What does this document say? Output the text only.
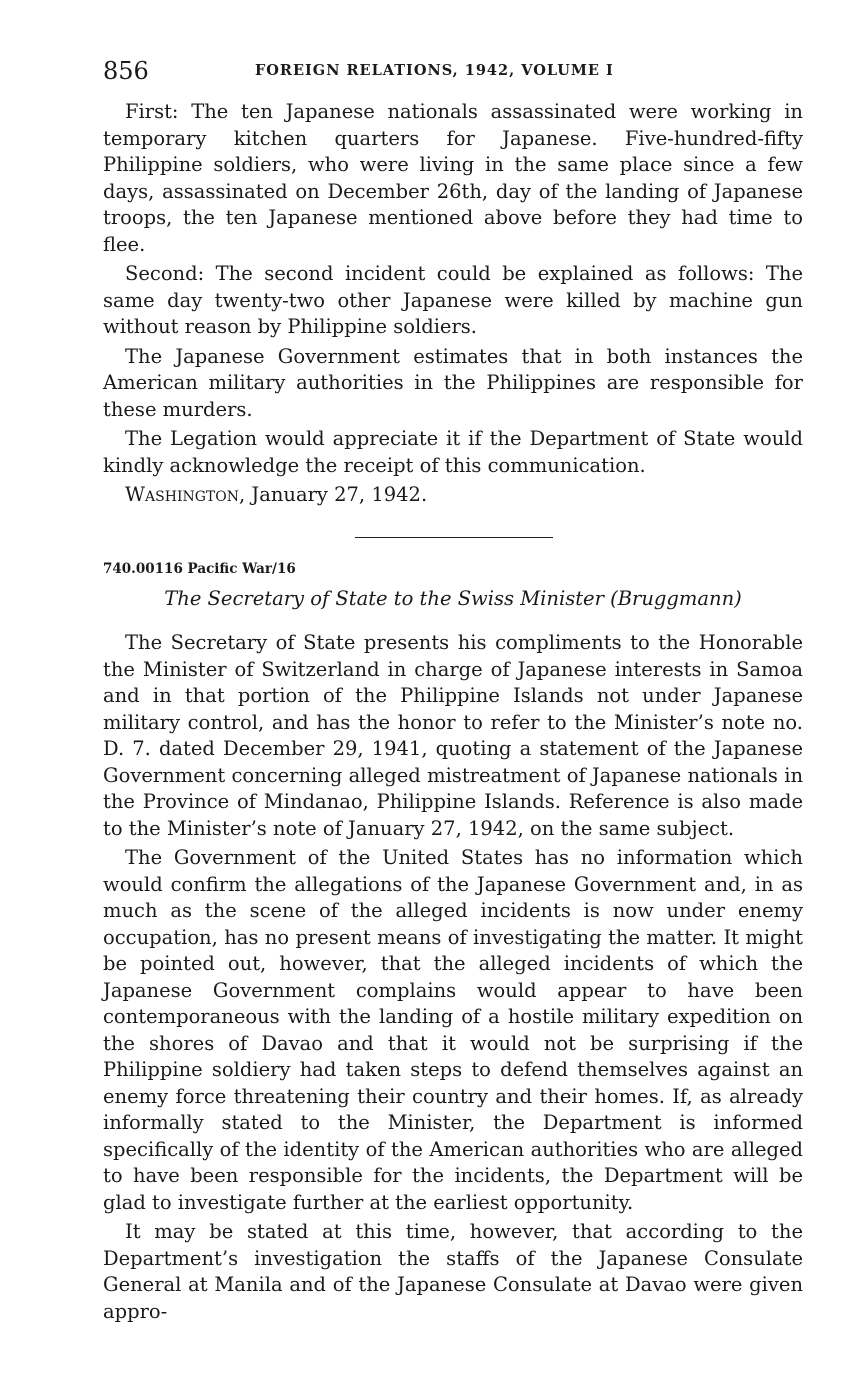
856	FOREIGN RELATIONS, 1942, VOLUME I

First: The ten Japanese nationals assassinated were working in temporary kitchen quarters for Japanese. Five-hundred-fifty Philippine soldiers, who were living in the same place since a few days, assassinated on December 26th, day of the landing of Japanese troops, the ten Japanese mentioned above before they had time to flee.

Second: The second incident could be explained as follows: The same day twenty-two other Japanese were killed by machine gun without reason by Philippine soldiers.

The Japanese Government estimates that in both instances the American military authorities in the Philippines are responsible for these murders.

The Legation would appreciate it if the Department of State would kindly acknowledge the receipt of this communication.

Washington, January 27, 1942.

740.00116 Pacific War/16
The Secretary of State to the Swiss Minister (Bruggmann)

The Secretary of State presents his compliments to the Honorable the Minister of Switzerland in charge of Japanese interests in Samoa and in that portion of the Philippine Islands not under Japanese military control, and has the honor to refer to the Minister’s note no. D. 7. dated December 29, 1941, quoting a statement of the Japanese Government concerning alleged mistreatment of Japanese nationals in the Province of Mindanao, Philippine Islands. Reference is also made to the Minister’s note of January 27, 1942, on the same subject.

The Government of the United States has no information which would confirm the allegations of the Japanese Government and, in as much as the scene of the alleged incidents is now under enemy occupation, has no present means of investigating the matter. It might be pointed out, however, that the alleged incidents of which the Japanese Government complains would appear to have been contemporaneous with the landing of a hostile military expedition on the shores of Davao and that it would not be surprising if the Philippine soldiery had taken steps to defend themselves against an enemy force threatening their country and their homes. If, as already informally stated to the Minister, the Department is informed specifically of the identity of the American authorities who are alleged to have been responsible for the incidents, the Department will be glad to investigate further at the earliest opportunity.

It may be stated at this time, however, that according to the Department’s investigation the staffs of the Japanese Consulate General at Manila and of the Japanese Consulate at Davao were given appro-
